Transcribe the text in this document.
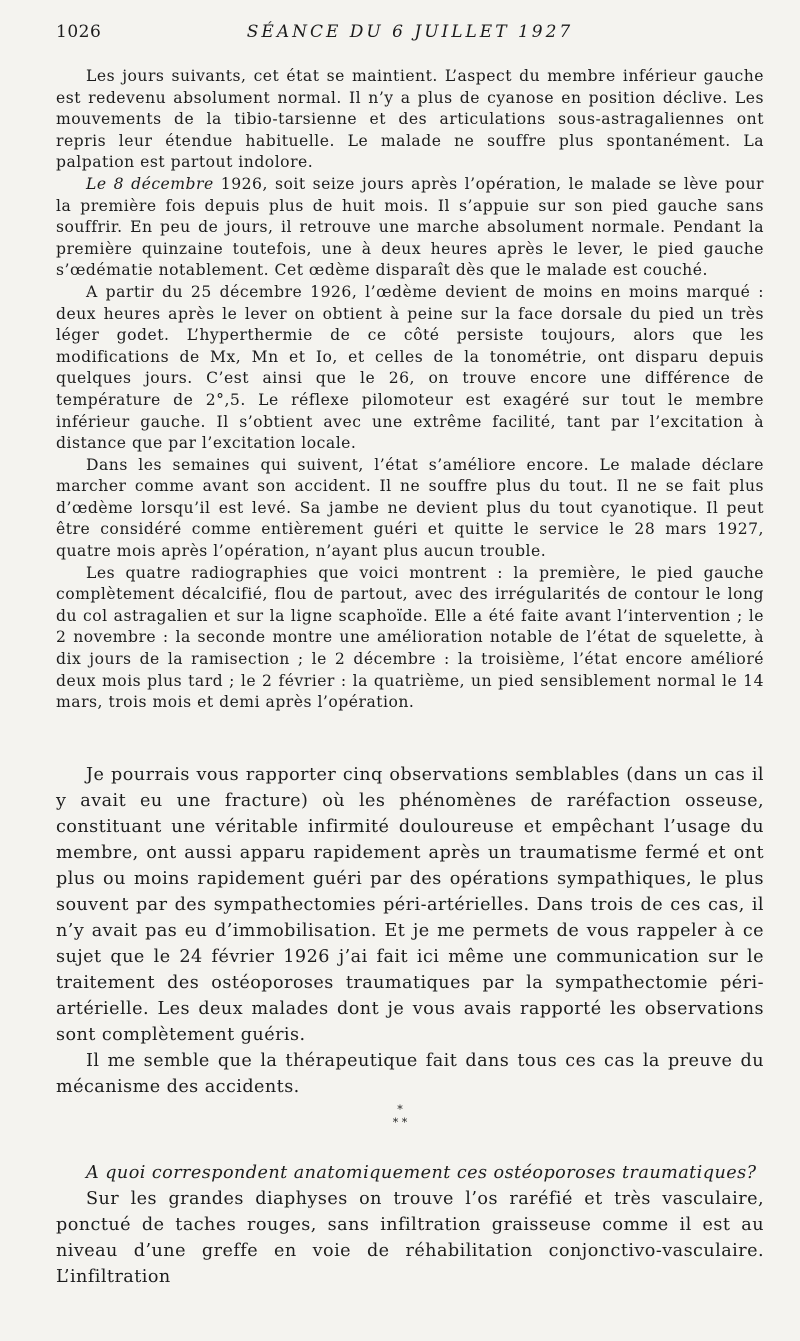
1026	SÉANCE DU 6 JUILLET 1927

Les jours suivants, cet état se maintient. L’aspect du membre inférieur gauche est redevenu absolument normal. Il n’y a plus de cyanose en position déclive. Les mouvements de la tibio-tarsienne et des articulations sous-astragaliennes ont repris leur étendue habituelle. Le malade ne souffre plus spontanément. La palpation est partout indolore.

Le 8 décembre 1926, soit seize jours après l’opération, le malade se lève pour la première fois depuis plus de huit mois. Il s’appuie sur son pied gauche sans souffrir. En peu de jours, il retrouve une marche absolument normale. Pendant la première quinzaine toutefois, une à deux heures après le lever, le pied gauche s’œdématie notablement. Cet œdème disparaît dès que le malade est couché.

A partir du 25 décembre 1926, l’œdème devient de moins en moins marqué : deux heures après le lever on obtient à peine sur la face dorsale du pied un très léger godet. L’hyperthermie de ce côté persiste toujours, alors que les modifications de Mx, Mn et Io, et celles de la tonométrie, ont disparu depuis quelques jours. C’est ainsi que le 26, on trouve encore une différence de température de 2°,5. Le réflexe pilomoteur est exagéré sur tout le membre inférieur gauche. Il s’obtient avec une extrême facilité, tant par l’excitation à distance que par l’excitation locale.

Dans les semaines qui suivent, l’état s’améliore encore. Le malade déclare marcher comme avant son accident. Il ne souffre plus du tout. Il ne se fait plus d’œdème lorsqu’il est levé. Sa jambe ne devient plus du tout cyanotique. Il peut être considéré comme entièrement guéri et quitte le service le 28 mars 1927, quatre mois après l’opération, n’ayant plus aucun trouble.

Les quatre radiographies que voici montrent : la première, le pied gauche complètement décalcifié, flou de partout, avec des irrégularités de contour le long du col astragalien et sur la ligne scaphoïde. Elle a été faite avant l’intervention ; le 2 novembre : la seconde montre une amélioration notable de l’état de squelette, à dix jours de la ramisection ; le 2 décembre : la troisième, l’état encore amélioré deux mois plus tard ; le 2 février : la quatrième, un pied sensiblement normal le 14 mars, trois mois et demi après l’opération.

Je pourrais vous rapporter cinq observations semblables (dans un cas il y avait eu une fracture) où les phénomènes de raréfaction osseuse, constituant une véritable infirmité douloureuse et empêchant l’usage du membre, ont aussi apparu rapidement après un traumatisme fermé et ont plus ou moins rapidement guéri par des opérations sympathiques, le plus souvent par des sympathectomies péri-artérielles. Dans trois de ces cas, il n’y avait pas eu d’immobilisation. Et je me permets de vous rappeler à ce sujet que le 24 février 1926 j’ai fait ici même une communication sur le traitement des ostéoporoses traumatiques par la sympathectomie péri-artérielle. Les deux malades dont je vous avais rapporté les observations sont complètement guéris.

Il me semble que la thérapeutique fait dans tous ces cas la preuve du mécanisme des accidents.

*
* *

A quoi correspondent anatomiquement ces ostéoporoses traumatiques?

Sur les grandes diaphyses on trouve l’os raréfié et très vasculaire, ponctué de taches rouges, sans infiltration graisseuse comme il est au niveau d’une greffe en voie de réhabilitation conjonctivo-vasculaire. L’infiltration
